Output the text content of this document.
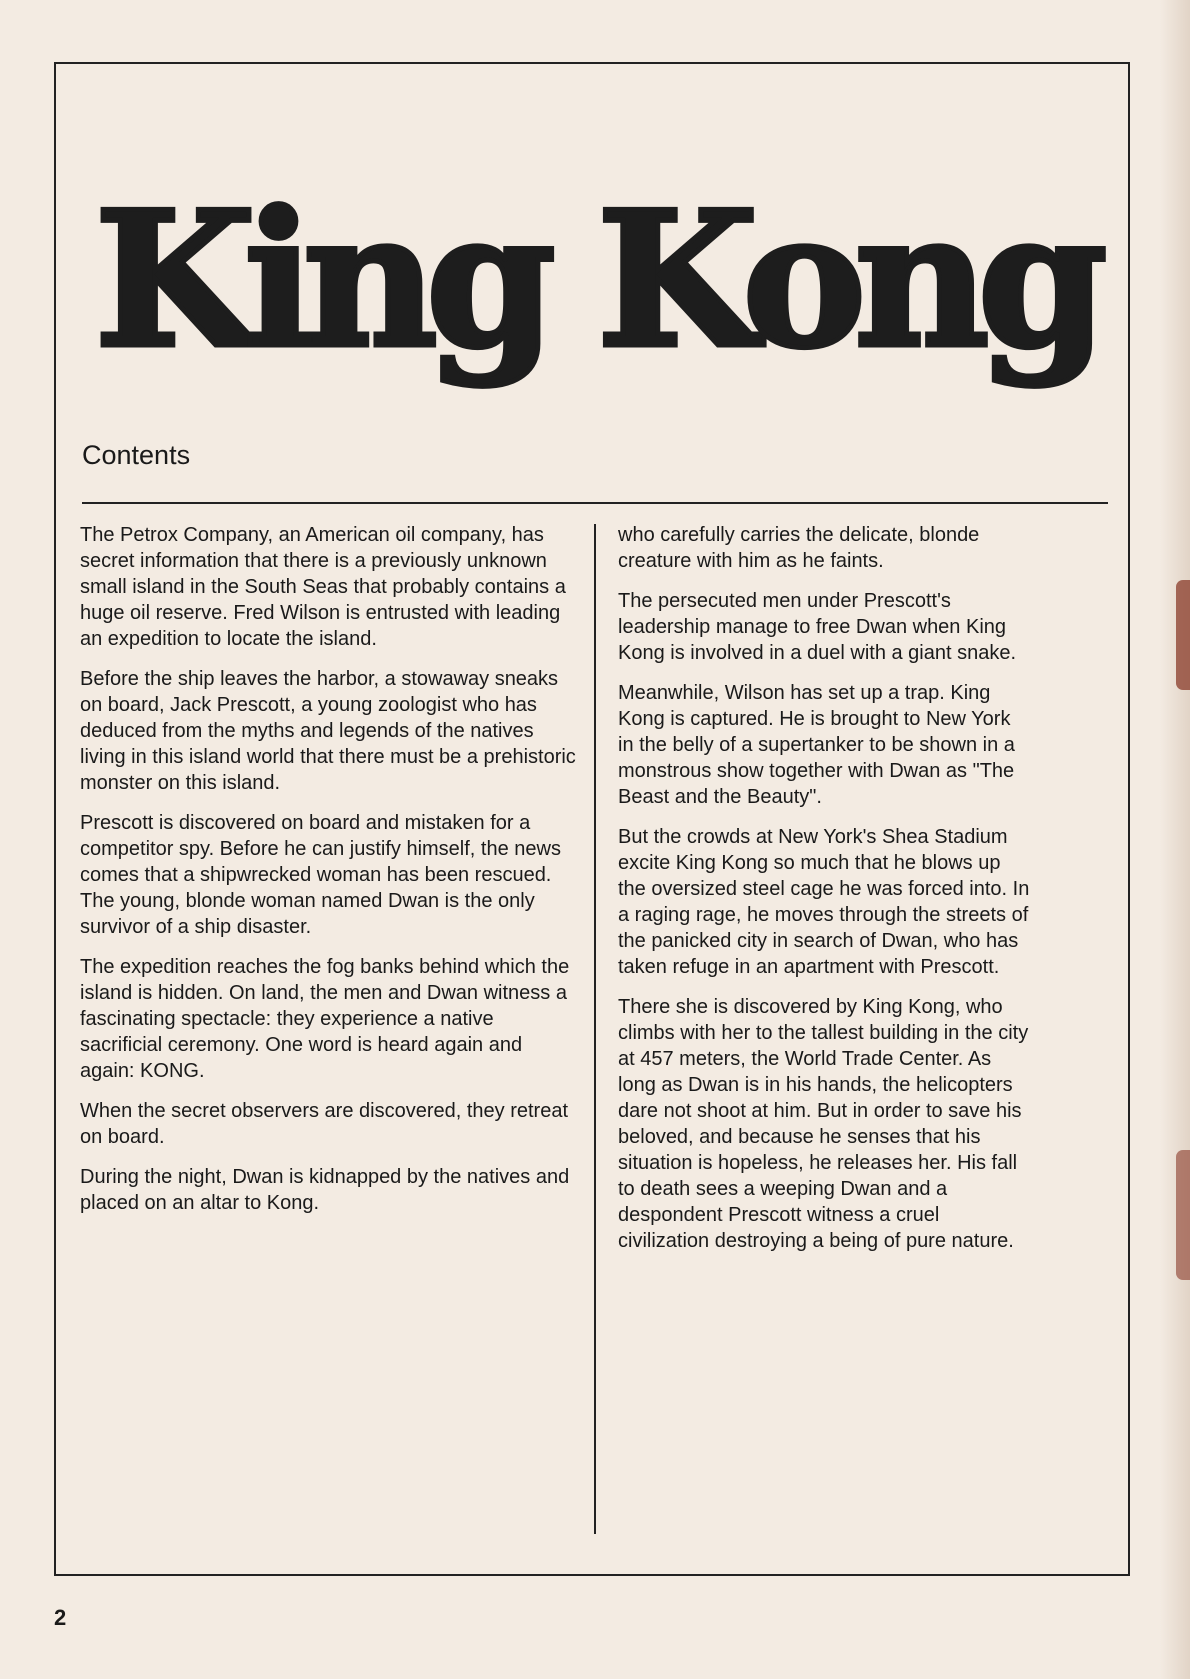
King Kong
Contents

The Petrox Company, an American oil company, has secret information that there is a previously unknown small island in the South Seas that probably contains a huge oil reserve. Fred Wilson is entrusted with leading an expedition to locate the island.

Before the ship leaves the harbor, a stowaway sneaks on board, Jack Prescott, a young zoologist who has deduced from the myths and legends of the natives living in this island world that there must be a prehistoric monster on this island.

Prescott is discovered on board and mistaken for a competitor spy. Before he can justify himself, the news comes that a shipwrecked woman has been rescued. The young, blonde woman named Dwan is the only survivor of a ship disaster.

The expedition reaches the fog banks behind which the island is hidden. On land, the men and Dwan witness a fascinating spectacle: they experience a native sacrificial ceremony. One word is heard again and again: KONG.

When the secret observers are discovered, they retreat on board.

During the night, Dwan is kidnapped by the natives and placed on an altar to Kong.

who carefully carries the delicate, blonde creature with him as he faints.

The persecuted men under Prescott's leadership manage to free Dwan when King Kong is involved in a duel with a giant snake.

Meanwhile, Wilson has set up a trap. King Kong is captured. He is brought to New York in the belly of a supertanker to be shown in a monstrous show together with Dwan as "The Beast and the Beauty".

But the crowds at New York's Shea Stadium excite King Kong so much that he blows up the oversized steel cage he was forced into. In a raging rage, he moves through the streets of the panicked city in search of Dwan, who has taken refuge in an apartment with Prescott.

There she is discovered by King Kong, who climbs with her to the tallest building in the city at 457 meters, the World Trade Center. As long as Dwan is in his hands, the helicopters dare not shoot at him. But in order to save his beloved, and because he senses that his situation is hopeless, he releases her. His fall to death sees a weeping Dwan and a despondent Prescott witness a cruel civilization destroying a being of pure nature.

2
